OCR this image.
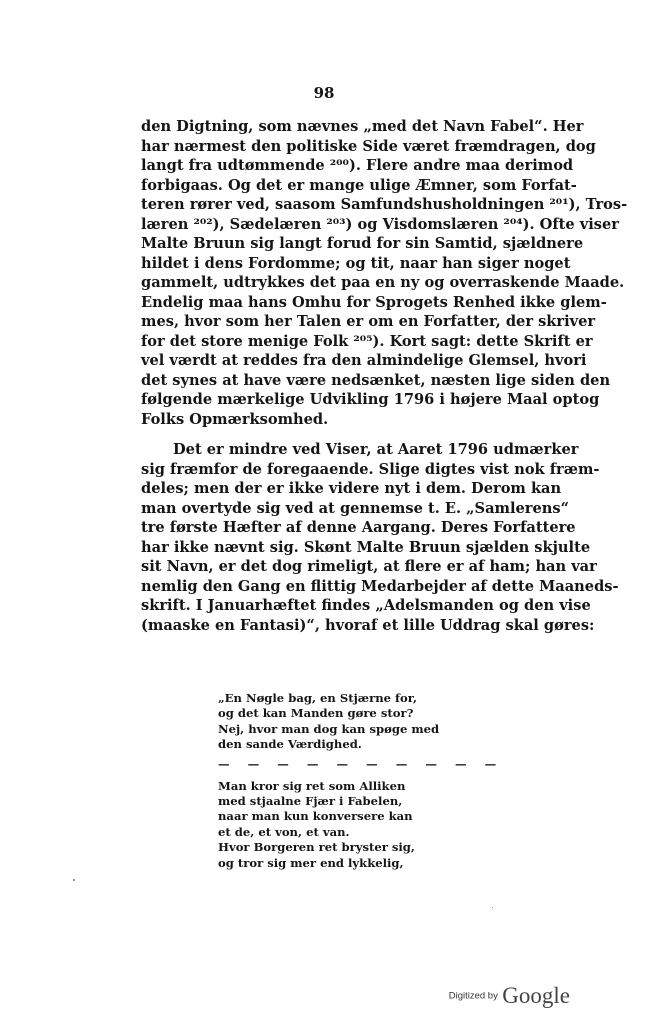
98
den Digtning, som nævnes „med det Navn Fabel“. Her
har nærmest den politiske Side været fræmdragen, dog
langt fra udtømmende ²⁰⁰). Flere andre maa derimod
forbigaas. Og det er mange ulige Æmner, som Forfat-
teren rører ved, saasom Samfundshusholdningen ²⁰¹), Tros-
læren ²⁰²), Sædelæren ²⁰³) og Visdomslæren ²⁰⁴). Ofte viser
Malte Bruun sig langt forud for sin Samtid, sjældnere
hildet i dens Fordomme; og tit, naar han siger noget
gammelt, udtrykkes det paa en ny og overraskende Maade.
Endelig maa hans Omhu for Sprogets Renhed ikke glem-
mes, hvor som her Talen er om en Forfatter, der skriver
for det store menige Folk ²⁰⁵). Kort sagt: dette Skrift er
vel værdt at reddes fra den almindelige Glemsel, hvori
det synes at have være nedsænket, næsten lige siden den
følgende mærkelige Udvikling 1796 i højere Maal optog
Folks Opmærksomhed.
Det er mindre ved Viser, at Aaret 1796 udmærker
sig fræmfor de foregaaende. Slige digtes vist nok fræm-
deles; men der er ikke videre nyt i dem. Derom kan
man overtyde sig ved at gennemse t. E. „Samlerens“
tre første Hæfter af denne Aargang. Deres Forfattere
har ikke nævnt sig. Skønt Malte Bruun sjælden skjulte
sit Navn, er det dog rimeligt, at flere er af ham; han var
nemlig den Gang en flittig Medarbejder af dette Maaneds-
skrift. I Januarhæftet findes „Adelsmanden og den vise
(maaske en Fantasi)“, hvoraf et lille Uddrag skal gøres:
„En Nøgle bag, en Stjærne for,
og det kan Manden gøre stor?
Nej, hvor man dog kan spøge med
den sande Værdighed.
— — — — — — — — — —
Man kror sig ret som Alliken
med stjaalne Fjær i Fabelen,
naar man kun konversere kan
et de, et von, et van.
Hvor Borgeren ret bryster sig,
og tror sig mer end lykkelig,
Digitized by Google
